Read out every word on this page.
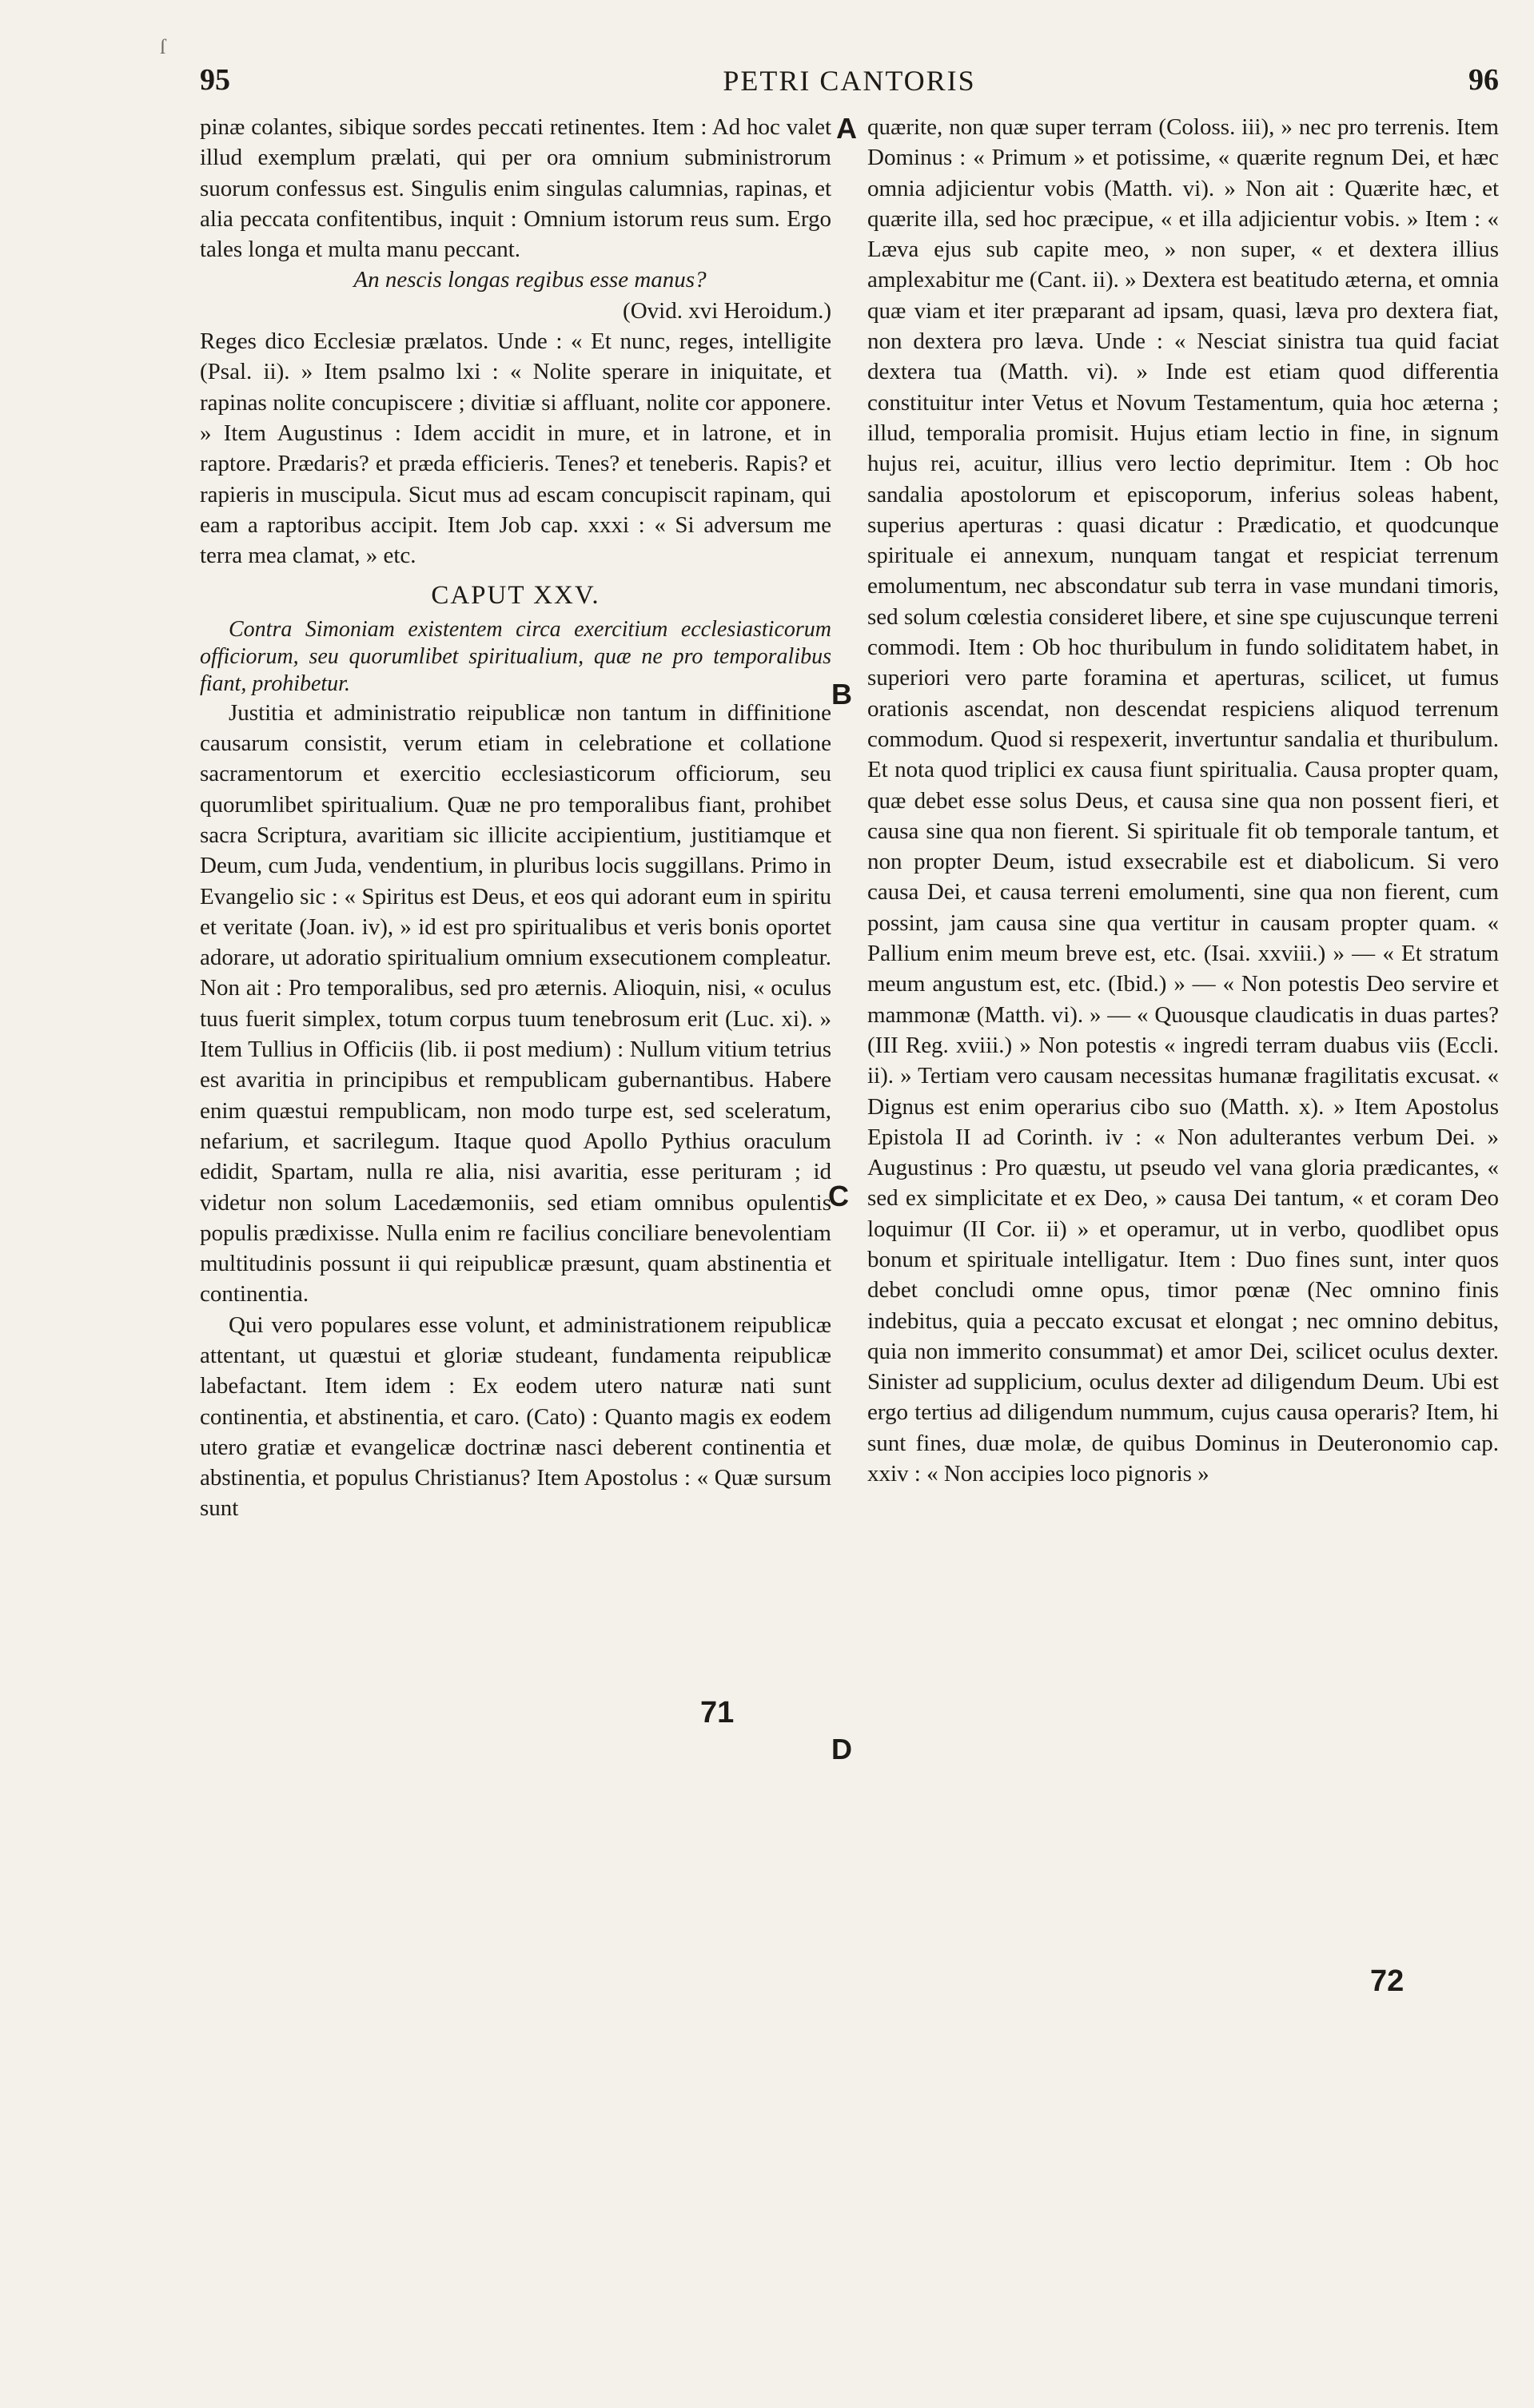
ſ
95	PETRI CANTORIS	96

pinæ colantes, sibique sordes peccati retinentes. Item : Ad hoc valet illud exemplum prælati, qui per ora omnium subministrorum suorum confessus est. Singulis enim singulas calumnias, rapinas, et alia peccata confitentibus, inquit : Omnium istorum reus sum. Ergo tales longa et multa manu peccant.

An nescis longas regibus esse manus?

(Ovid. xvi Heroidum.)

Reges dico Ecclesiæ prælatos. Unde : « Et nunc, reges, intelligite (Psal. ii). » Item psalmo lxi : « Nolite sperare in iniquitate, et rapinas nolite concupiscere ; divitiæ si affluant, nolite cor apponere. » Item Augustinus : Idem accidit in mure, et in latrone, et in raptore. Prædaris? et præda efficieris. Tenes? et teneberis. Rapis? et rapieris in muscipula. Sicut mus ad escam concupiscit rapinam, qui eam a raptoribus accipit. Item Job cap. xxxi : « Si adversum me terra mea clamat, » etc.

CAPUT XXV.

Contra Simoniam existentem circa exercitium ecclesiasticorum officiorum, seu quorumlibet spiritualium, quæ ne pro temporalibus fiant, prohibetur.

Justitia et administratio reipublicæ non tantum in diffinitione causarum consistit, verum etiam in celebratione et collatione sacramentorum et exercitio ecclesiasticorum officiorum, seu quorumlibet spiritualium. Quæ ne pro temporalibus fiant, prohibet sacra Scriptura, avaritiam sic illicite accipientium, justitiamque et Deum, cum Juda, vendentium, in pluribus locis suggillans. Primo in Evangelio sic : « Spiritus est Deus, et eos qui adorant eum in spiritu et veritate (Joan. iv), » id est pro spiritualibus et veris bonis oportet adorare, ut adoratio spiritualium omnium exsecutionem compleatur. Non ait : Pro temporalibus, sed pro æternis. Alioquin, nisi, « oculus tuus fuerit simplex, totum corpus tuum tenebrosum erit (Luc. xi). » Item Tullius in Officiis (lib. ii post medium) : Nullum vitium tetrius est avaritia in principibus et rempublicam gubernantibus. Habere enim quæstui rempublicam, non modo turpe est, sed sceleratum, nefarium, et sacrilegum. Itaque quod Apollo Pythius oraculum edidit, Spartam, nulla re alia, nisi avaritia, esse perituram ; id videtur non solum Lacedæmoniis, sed etiam omnibus opulentis populis prædixisse. Nulla enim re facilius conciliare benevolentiam multitudinis possunt ii qui reipublicæ præsunt, quam abstinentia et continentia.

Qui vero populares esse volunt, et administrationem reipublicæ attentant, ut quæstui et gloriæ studeant, fundamenta reipublicæ labefactant. Item idem : Ex eodem utero naturæ nati sunt continentia, et abstinentia, et caro. (Cato) : Quanto magis ex eodem utero gratiæ et evangelicæ doctrinæ nasci deberent continentia et abstinentia, et populus Christianus? Item Apostolus : « Quæ sursum sunt

quærite, non quæ super terram (Coloss. iii), » nec pro terrenis. Item Dominus : « Primum » et potissime, « quærite regnum Dei, et hæc omnia adjicientur vobis (Matth. vi). » Non ait : Quærite hæc, et quærite illa, sed hoc præcipue, « et illa adjicientur vobis. » Item : « Læva ejus sub capite meo, » non super, « et dextera illius amplexabitur me (Cant. ii). » Dextera est beatitudo æterna, et omnia quæ viam et iter præparant ad ipsam, quasi, læva pro dextera fiat, non dextera pro læva. Unde : « Nesciat sinistra tua quid faciat dextera tua (Matth. vi). » Inde est etiam quod differentia constituitur inter Vetus et Novum Testamentum, quia hoc æterna ; illud, temporalia promisit. Hujus etiam lectio in fine, in signum hujus rei, acuitur, illius vero lectio deprimitur. Item : Ob hoc sandalia apostolorum et episcoporum, inferius soleas habent, superius aperturas : quasi dicatur : Prædicatio, et quodcunque spirituale ei annexum, nunquam tangat et respiciat terrenum emolumentum, nec abscondatur sub terra in vase mundani timoris, sed solum cœlestia consideret libere, et sine spe cujuscunque terreni commodi. Item : Ob hoc thuribulum in fundo soliditatem habet, in superiori vero parte foramina et aperturas, scilicet, ut fumus orationis ascendat, non descendat respiciens aliquod terrenum commodum. Quod si respexerit, invertuntur sandalia et thuribulum. Et nota quod triplici ex causa fiunt spiritualia. Causa propter quam, quæ debet esse solus Deus, et causa sine qua non possent fieri, et causa sine qua non fierent. Si spirituale fit ob temporale tantum, et non propter Deum, istud exsecrabile est et diabolicum. Si vero causa Dei, et causa terreni emolumenti, sine qua non fierent, cum possint, jam causa sine qua vertitur in causam propter quam. « Pallium enim meum breve est, etc. (Isai. xxviii.) » — « Et stratum meum angustum est, etc. (Ibid.) » — « Non potestis Deo servire et mammonæ (Matth. vi). » — « Quousque claudicatis in duas partes? (III Reg. xviii.) » Non potestis « ingredi terram duabus viis (Eccli. ii). » Tertiam vero causam necessitas humanæ fragilitatis excusat. « Dignus est enim operarius cibo suo (Matth. x). » Item Apostolus Epistola II ad Corinth. iv : « Non adulterantes verbum Dei. » Augustinus : Pro quæstu, ut pseudo vel vana gloria prædicantes, « sed ex simplicitate et ex Deo, » causa Dei tantum, « et coram Deo loquimur (II Cor. ii) » et operamur, ut in verbo, quodlibet opus bonum et spirituale intelligatur. Item : Duo fines sunt, inter quos debet concludi omne opus, timor pœnæ (Nec omnino finis indebitus, quia a peccato excusat et elongat ; nec omnino debitus, quia non immerito consummat) et amor Dei, scilicet oculus dexter. Sinister ad supplicium, oculus dexter ad diligendum Deum. Ubi est ergo tertius ad diligendum nummum, cujus causa operaris? Item, hi sunt fines, duæ molæ, de quibus Dominus in Deuteronomio cap. xxiv : « Non accipies loco pignoris »

A
B
C
D
71
72
